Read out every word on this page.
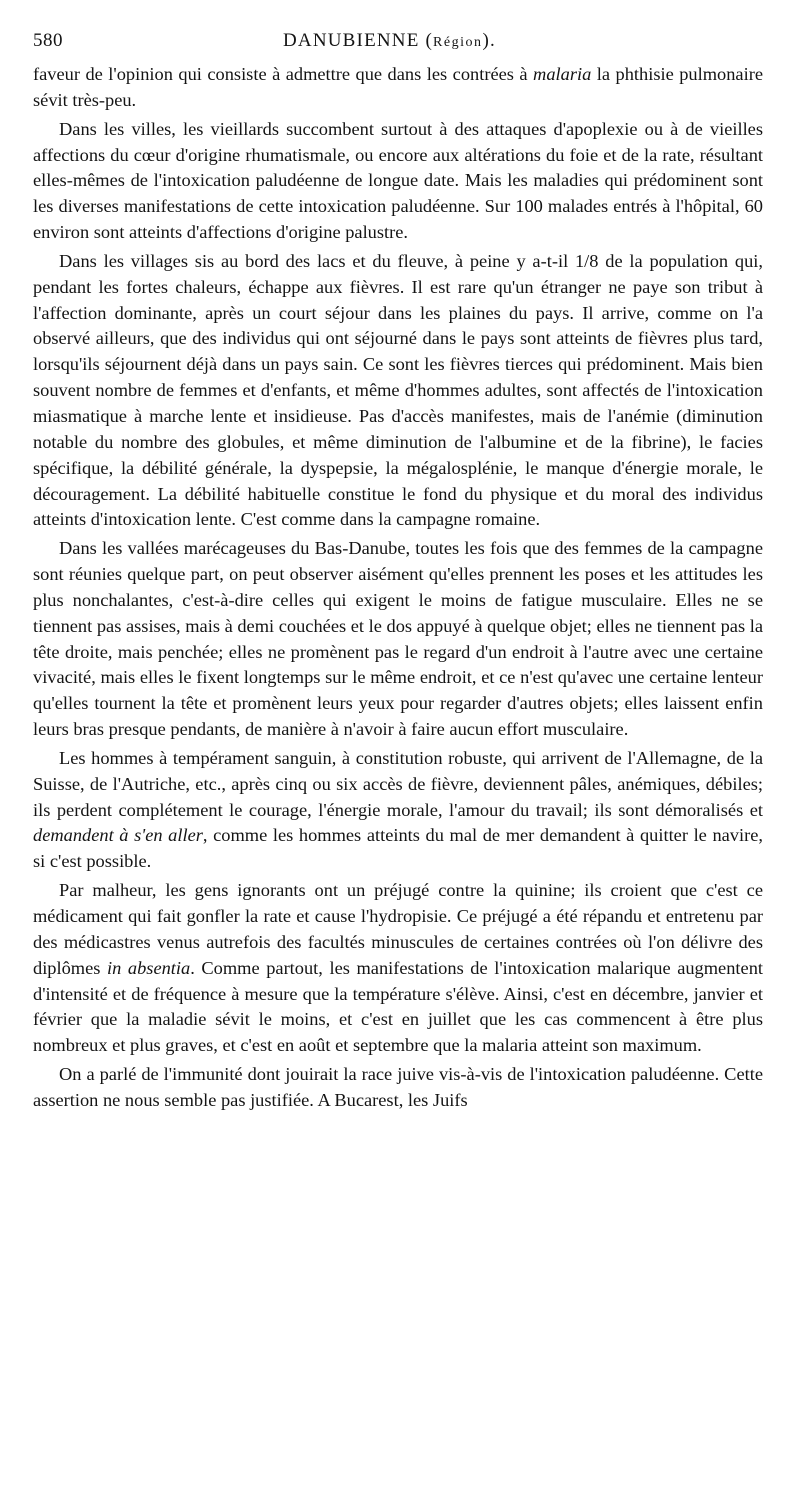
580	DANUBIENNE (Région).

faveur de l'opinion qui consiste à admettre que dans les contrées à malaria la phthisie pulmonaire sévit très-peu.

Dans les villes, les vieillards succombent surtout à des attaques d'apoplexie ou à de vieilles affections du cœur d'origine rhumatismale, ou encore aux altérations du foie et de la rate, résultant elles-mêmes de l'intoxication paludéenne de longue date. Mais les maladies qui prédominent sont les diverses manifestations de cette intoxication paludéenne. Sur 100 malades entrés à l'hôpital, 60 environ sont atteints d'affections d'origine palustre.

Dans les villages sis au bord des lacs et du fleuve, à peine y a-t-il 1/8 de la population qui, pendant les fortes chaleurs, échappe aux fièvres. Il est rare qu'un étranger ne paye son tribut à l'affection dominante, après un court séjour dans les plaines du pays. Il arrive, comme on l'a observé ailleurs, que des individus qui ont séjourné dans le pays sont atteints de fièvres plus tard, lorsqu'ils séjournent déjà dans un pays sain. Ce sont les fièvres tierces qui prédominent. Mais bien souvent nombre de femmes et d'enfants, et même d'hommes adultes, sont affectés de l'intoxication miasmatique à marche lente et insidieuse. Pas d'accès manifestes, mais de l'anémie (diminution notable du nombre des globules, et même diminution de l'albumine et de la fibrine), le facies spécifique, la débilité générale, la dyspepsie, la mégalosplénie, le manque d'énergie morale, le découragement. La débilité habituelle constitue le fond du physique et du moral des individus atteints d'intoxication lente. C'est comme dans la campagne romaine.

Dans les vallées marécageuses du Bas-Danube, toutes les fois que des femmes de la campagne sont réunies quelque part, on peut observer aisément qu'elles prennent les poses et les attitudes les plus nonchalantes, c'est-à-dire celles qui exigent le moins de fatigue musculaire. Elles ne se tiennent pas assises, mais à demi couchées et le dos appuyé à quelque objet; elles ne tiennent pas la tête droite, mais penchée; elles ne promènent pas le regard d'un endroit à l'autre avec une certaine vivacité, mais elles le fixent longtemps sur le même endroit, et ce n'est qu'avec une certaine lenteur qu'elles tournent la tête et promènent leurs yeux pour regarder d'autres objets; elles laissent enfin leurs bras presque pendants, de manière à n'avoir à faire aucun effort musculaire.

Les hommes à tempérament sanguin, à constitution robuste, qui arrivent de l'Allemagne, de la Suisse, de l'Autriche, etc., après cinq ou six accès de fièvre, deviennent pâles, anémiques, débiles; ils perdent complétement le courage, l'énergie morale, l'amour du travail; ils sont démoralisés et demandent à s'en aller, comme les hommes atteints du mal de mer demandent à quitter le navire, si c'est possible.

Par malheur, les gens ignorants ont un préjugé contre la quinine; ils croient que c'est ce médicament qui fait gonfler la rate et cause l'hydropisie. Ce préjugé a été répandu et entretenu par des médicastres venus autrefois des facultés minuscules de certaines contrées où l'on délivre des diplômes in absentia. Comme partout, les manifestations de l'intoxication malarique augmentent d'intensité et de fréquence à mesure que la température s'élève. Ainsi, c'est en décembre, janvier et février que la maladie sévit le moins, et c'est en juillet que les cas commencent à être plus nombreux et plus graves, et c'est en août et septembre que la malaria atteint son maximum.

On a parlé de l'immunité dont jouirait la race juive vis-à-vis de l'intoxication paludéenne. Cette assertion ne nous semble pas justifiée. A Bucarest, les Juifs
